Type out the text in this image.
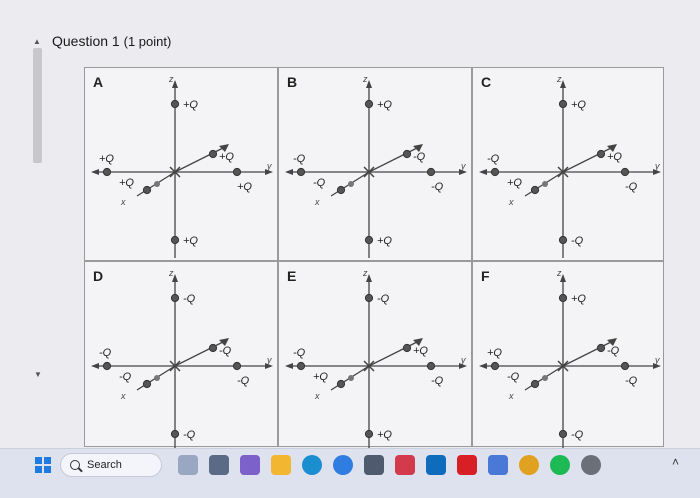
▲
▼
Question 1 (1 point)
A	z
y
x
+Q
+Q
+Q
+Q
+Q
+Q
B	z
y
x
+Q
+Q
-Q
-Q
-Q
-Q
C	z
y
x
+Q
-Q
-Q
-Q
+Q
+Q
D	z
y
x
-Q
-Q
-Q
-Q
-Q
-Q
E	z
y
x
-Q
+Q
-Q
-Q
+Q
+Q
F	z
y
x
+Q
-Q
+Q
-Q
-Q
-Q
Search	˄
